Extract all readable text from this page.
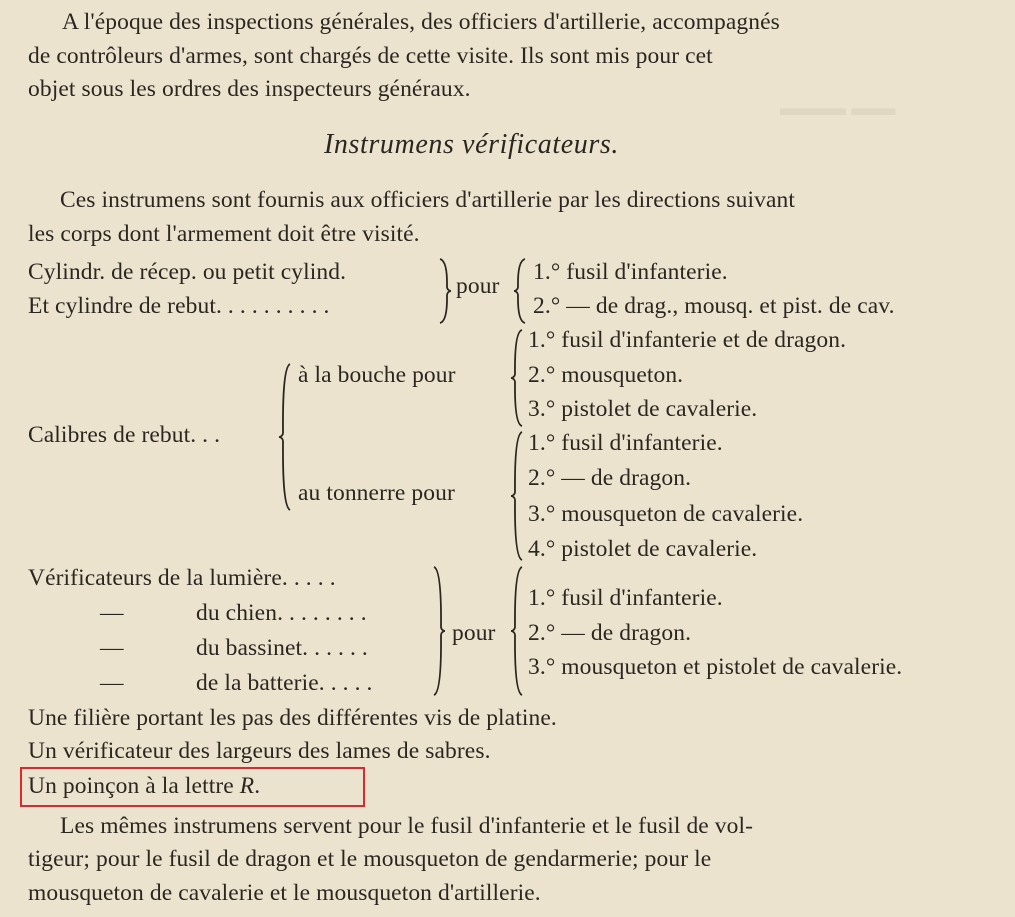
▬▬▬ ▬▬
A l'époque des inspections générales, des officiers d'artillerie, accompagnés
de contrôleurs d'armes, sont chargés de cette visite. Ils sont mis pour cet
objet sous les ordres des inspecteurs généraux.
Instrumens vérificateurs.
Ces instrumens sont fournis aux officiers d'artillerie par les directions suivant
les corps dont l'armement doit être visité.
Cylindr. de récep. ou petit cylind.
Et cylindre de rebut. . . . . . . . . .
pour
1.° fusil d'infanterie.
2.° — de drag., mousq. et pist. de cav.
Calibres de rebut. . .
à la bouche pour
1.° fusil d'infanterie et de dragon.
2.° mousqueton.
3.° pistolet de cavalerie.
au tonnerre pour
1.° fusil d'infanterie.
2.° — de dragon.
3.° mousqueton de cavalerie.
4.° pistolet de cavalerie.
Vérificateurs de la lumière. . . . .
—	du chien. . . . . . . .
—	du bassinet. . . . . .
—	de la batterie. . . . .
pour
1.° fusil d'infanterie.
2.° — de dragon.
3.° mousqueton et pistolet de cavalerie.
Une filière portant les pas des différentes vis de platine.
Un vérificateur des largeurs des lames de sabres.
Un poinçon à la lettre R.
Les mêmes instrumens servent pour le fusil d'infanterie et le fusil de vol-
tigeur; pour le fusil de dragon et le mousqueton de gendarmerie; pour le
mousqueton de cavalerie et le mousqueton d'artillerie.
